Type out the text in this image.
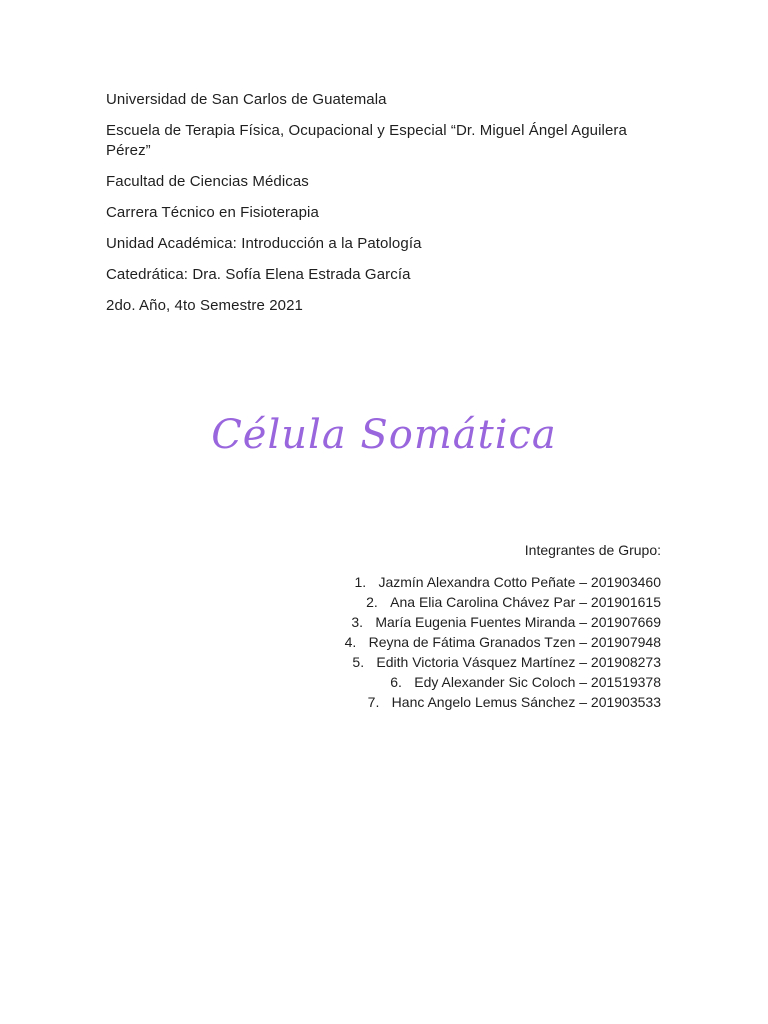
Universidad de San Carlos de Guatemala

Escuela de Terapia Física, Ocupacional y Especial “Dr. Miguel Ángel Aguilera Pérez”

Facultad de Ciencias Médicas

Carrera Técnico en Fisioterapia

Unidad Académica: Introducción a la Patología

Catedrática: Dra. Sofía Elena Estrada García

2do. Año, 4to Semestre 2021

Célula Somática
Integrantes de Grupo:
1. Jazmín Alexandra Cotto Peñate – 201903460
2. Ana Elia Carolina Chávez Par – 201901615
3. María Eugenia Fuentes Miranda – 201907669
4. Reyna de Fátima Granados Tzen – 201907948
5. Edith Victoria Vásquez Martínez – 201908273
6. Edy Alexander Sic Coloch – 201519378
7. Hanc Angelo Lemus Sánchez – 201903533
